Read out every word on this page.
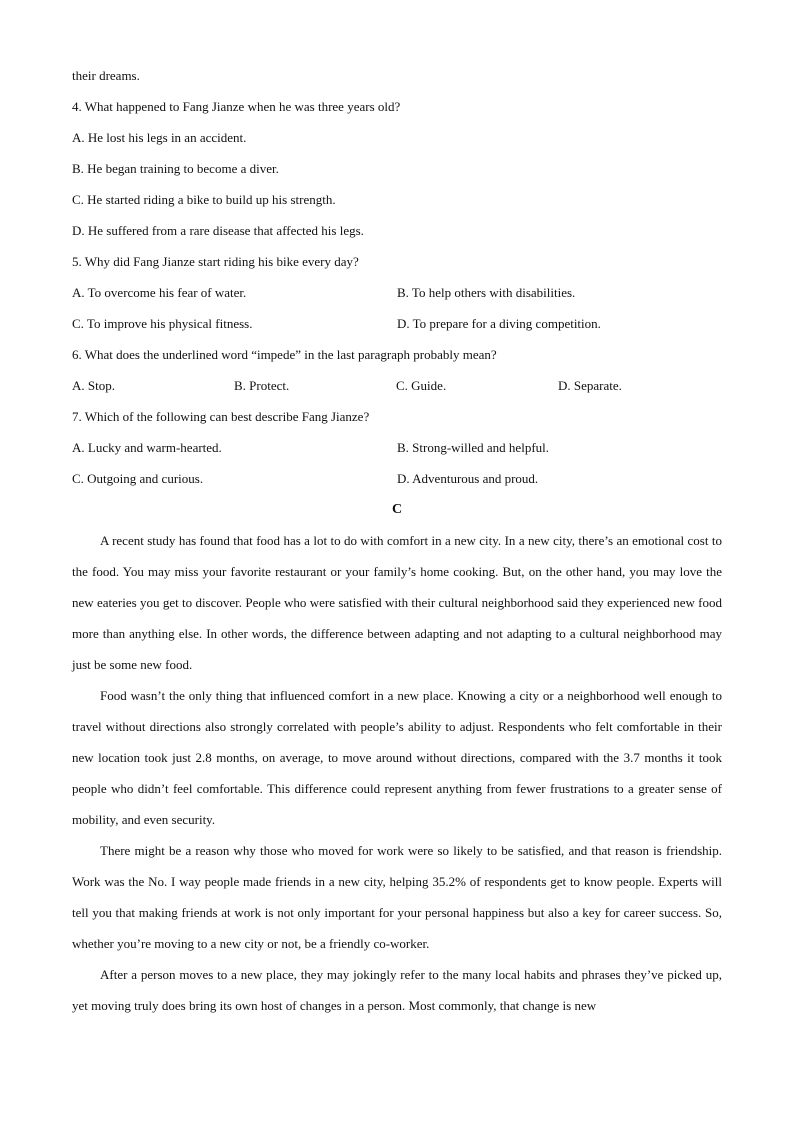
their dreams.
4. What happened to Fang Jianze when he was three years old?
A. He lost his legs in an accident.
B. He began training to become a diver.
C. He started riding a bike to build up his strength.
D. He suffered from a rare disease that affected his legs.
5. Why did Fang Jianze start riding his bike every day?
A. To overcome his fear of water.	B. To help others with disabilities.
C. To improve his physical fitness.	D. To prepare for a diving competition.
6. What does the underlined word “impede” in the last paragraph probably mean?
A. Stop.	B. Protect.	C. Guide.	D. Separate.
7. Which of the following can best describe Fang Jianze?
A. Lucky and warm-hearted.	B. Strong-willed and helpful.
C. Outgoing and curious.	D. Adventurous and proud.
C

A recent study has found that food has a lot to do with comfort in a new city. In a new city, there’s an emotional cost to the food. You may miss your favorite restaurant or your family’s home cooking. But, on the other hand, you may love the new eateries you get to discover. People who were satisfied with their cultural neighborhood said they experienced new food more than anything else. In other words, the difference between adapting and not adapting to a cultural neighborhood may just be some new food.

Food wasn’t the only thing that influenced comfort in a new place. Knowing a city or a neighborhood well enough to travel without directions also strongly correlated with people’s ability to adjust. Respondents who felt comfortable in their new location took just 2.8 months, on average, to move around without directions, compared with the 3.7 months it took people who didn’t feel comfortable. This difference could represent anything from fewer frustrations to a greater sense of mobility, and even security.

There might be a reason why those who moved for work were so likely to be satisfied, and that reason is friendship. Work was the No. I way people made friends in a new city, helping 35.2% of respondents get to know people. Experts will tell you that making friends at work is not only important for your personal happiness but also a key for career success. So, whether you’re moving to a new city or not, be a friendly co-worker.

After a person moves to a new place, they may jokingly refer to the many local habits and phrases they’ve picked up, yet moving truly does bring its own host of changes in a person. Most commonly, that change is new
